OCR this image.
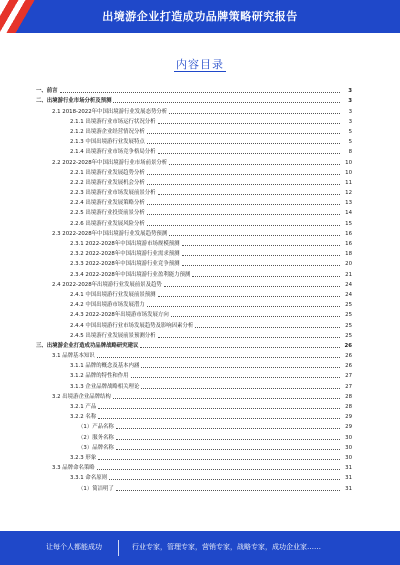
出境游企业打造成功品牌策略研究报告
内容目录
一、前言	3
二、出境游行业市场分析及预测	3
2.1 2018-2022年中国出境游行业发展态势分析	3
2.1.1 出境游行业市场运行状况分析	3
2.1.2 出境游企业经营情况分析	5
2.1.3 中国出境游行业发展特点	5
2.1.4 出境游行业市场竞争格局分析	8
2.2 2022-2028年中国出境游行业市场前景分析	10
2.2.1 出境游行业发展趋势分析	10
2.2.2 出境游行业发展机会分析	11
2.2.3 出境游行业市场发展前景分析	12
2.2.4 出境游行业发展策略分析	13
2.2.5 出境游行业投资前景分析	14
2.2.6 出境游行业发展风险分析	15
2.3 2022-2028年中国出境游行业发展趋势预测	16
2.3.1 2022-2028年中国出境游市场规模预测	16
2.3.2 2022-2028年中国出境游行业需求预测	18
2.3.3 2022-2028年中国出境游行业竞争预测	20
2.3.4 2022-2028年中国出境游行业盈利能力预测	21
2.4 2022-2028年出境游行业发展前景及趋势	24
2.4.1 中国出境游行业发展前景预测	24
2.4.2 中国出境游市场发展潜力	25
2.4.3 2022-2028年出境游市场发展方向	25
2.4.4 中国出境游行业市场发展趋势及影响因素分析	25
2.4.5 出境游行业发展前景预测分析	25
三、出境游企业打造成功品牌战略研究建议	26
3.1 品牌基本知识	26
3.1.1 品牌的概念及基本内涵	26
3.1.2 品牌的特性和作用	27
3.1.3 企业品牌战略相关理论	27
3.2 出境游企业品牌结构	28
3.2.1 产品	28
3.2.2 名称	29
（1）产品名称	29
（2）服务名称	30
（3）品牌名称	30
3.2.3 形象	30
3.3 品牌命名策略	31
3.3.1 命名原则	31
（1）简洁明了	31
让每个人都能成功	行业专家，管理专家，营销专家，战略专家，成功企业家……
